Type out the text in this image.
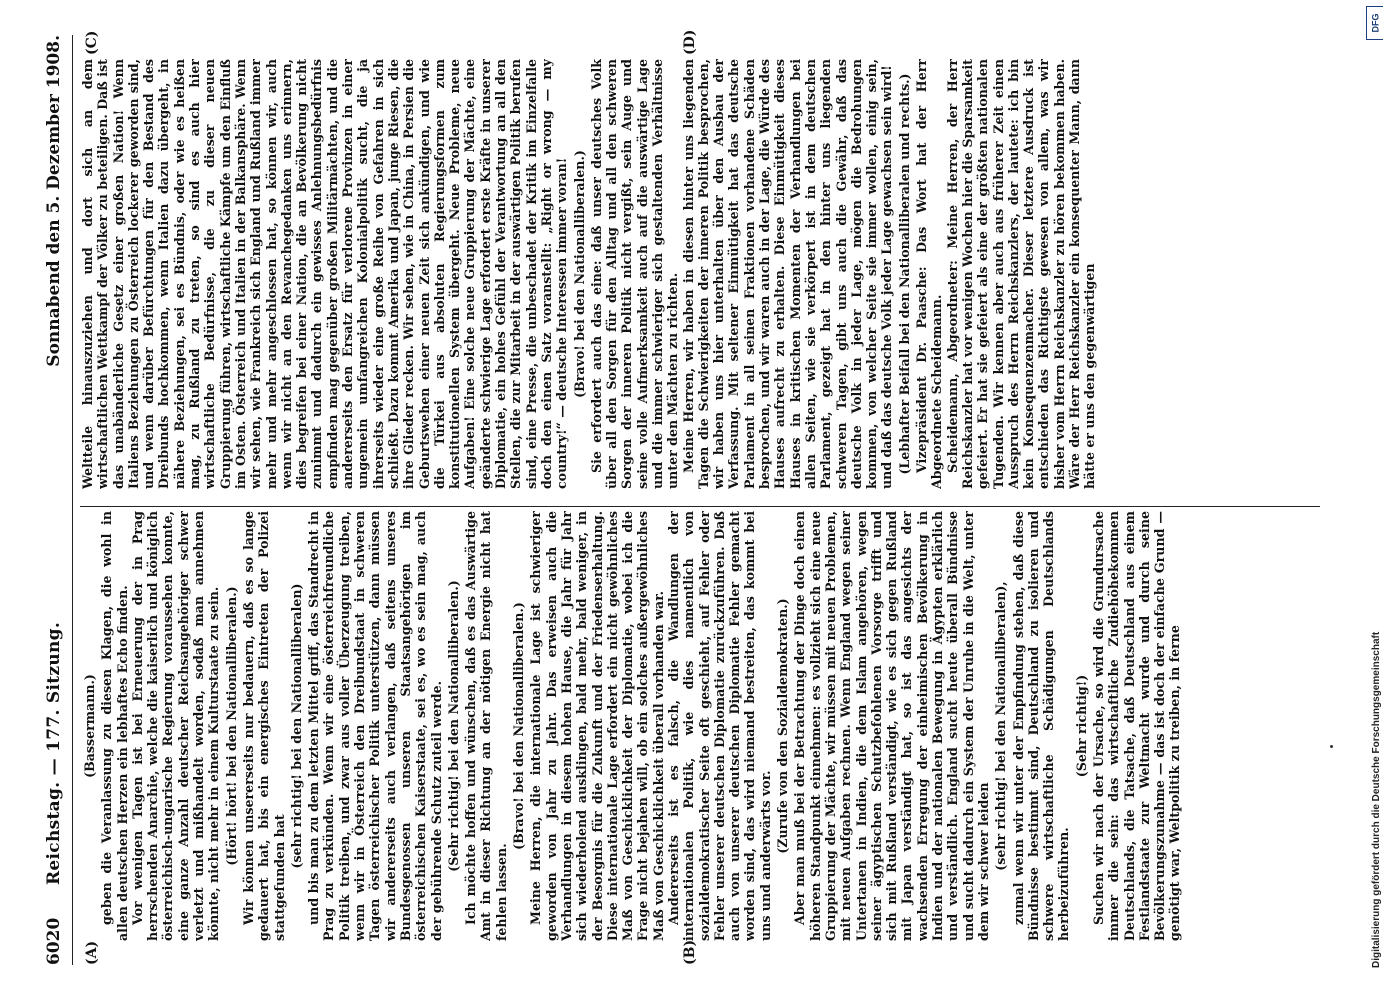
6020
Reichstag. — 177. Sitzung.
Sonnabend den 5. Dezember 1908.
(A)	(B)
(C)	(D)

(Bassermann.) geben die Veranlassung zu diesen Klagen, die wohl in allen deutschen Herzen ein lebhaftes Echo finden. Vor wenigen Tagen ist bei Erneuerung der in Prag herrschenden Anarchie, welche die kaiserlich und königlich österreichisch-ungarische Regierung voraussehen konnte, eine ganze Anzahl deutscher Reichsangehöriger schwer verletzt und mißhandelt worden, sodaß man annehmen könnte, nicht mehr in einem Kulturstaate zu sein. (Hört! hört! bei den Nationalliberalen.) Wir können unsererseits nur bedauern, daß es so lange gedauert hat, bis ein energisches Eintreten der Polizei stattgefunden hat

(sehr richtig! bei den Nationalliberalen) und bis man zu dem letzten Mittel griff, das Standrecht in Prag zu verkünden. Wenn wir eine österreichfreundliche Politik treiben, und zwar aus voller Überzeugung treiben, wenn wir in Österreich den Dreibundstaat in schweren Tagen österreichischer Politik unterstützen, dann müssen wir andererseits auch verlangen, daß seitens unseres Bundesgenossen unseren Staatsangehörigen im österreichischen Kaiserstaate, sei es, wo es sein mag, auch der gebührende Schutz zuteil werde. (Sehr richtig! bei den Nationalliberalen.) Ich möchte hoffen und wünschen, daß es das Auswärtige Amt in dieser Richtung an der nötigen Energie nicht hat fehlen lassen.

(Bravo! bei den Nationalliberalen.) Meine Herren, die internationale Lage ist schwieriger geworden von Jahr zu Jahr. Das erweisen auch die Verhandlungen in diesem hohen Hause, die Jahr für Jahr sich wiederholend ausklingen, bald mehr, bald weniger, in der Besorgnis für die Zukunft und der Friedenserhaltung. Diese internationale Lage erfordert ein nicht gewöhnliches Maß von Geschicklichkeit der Diplomatie, wobei ich die Frage nicht bejahen will, ob ein solches außergewöhnliches Maß von Geschicklichkeit überall vorhanden war. Andererseits ist es falsch, die Wandlungen der internationalen Politik, wie dies namentlich von sozialdemokratischer Seite oft geschieht, auf Fehler oder Fehler unserer deutschen Diplomatie zurückzuführen. Daß auch von unserer deutschen Diplomatie Fehler gemacht worden sind, das wird niemand bestreiten, das kommt bei uns und anderwärts vor.

(Zurufe von den Sozialdemokraten.) Aber man muß bei der Betrachtung der Dinge doch einen höheren Standpunkt einnehmen: es vollzieht sich eine neue Gruppierung der Mächte, wir müssen mit neuen Problemen, mit neuen Aufgaben rechnen. Wenn England wegen seiner Untertanen in Indien, die dem Islam angehören, wegen seiner ägyptischen Schutzbefohlenen Vorsorge trifft und sich mit Rußland verständigt, wie es sich gegen Rußland mit Japan verständigt hat, so ist das angesichts der wachsenden Erregung der einheimischen Bevölkerung in Indien und der nationalen Bewegung in Ägypten erklärlich und verständlich. England sucht heute überall Bündnisse und sucht dadurch ein System der Unruhe in die Welt, unter dem wir schwer leiden (sehr richtig! bei den Nationalliberalen), zumal wenn wir unter der Empfindung stehen, daß diese Bündnisse bestimmt sind, Deutschland zu isolieren und schwere wirtschaftliche Schädigungen Deutschlands herbeizuführen.

(Sehr richtig!) Suchen wir nach der Ursache, so wird die Grundursache immer die sein: das wirtschaftliche Zudiehöhekommen Deutschlands, die Tatsache, daß Deutschland aus einem Festlandstaate zur Weltmacht wurde und durch seine Bevölkerungszunahme — das ist doch der einfache Grund — genötigt war, Weltpolitik zu treiben, in ferne

Weltteile hinauszuziehen und dort sich an dem wirtschaftlichen Wettkampf der Völker zu beteiligen. Daß ist das unabänderliche Gesetz einer großen Nation! Wenn Italiens Beziehungen zu Österreich lockerer geworden sind, und wenn darüber Befürchtungen für den Bestand des Dreibunds hochkommen, wenn Italien dazu übergeht, in nähere Beziehungen, sei es Bündnis, oder wie es heißen mag, zu Rußland zu treten, so sind es auch hier wirtschaftliche Bedürfnisse, die zu dieser neuen Gruppierung führen, wirtschaftliche Kämpfe um den Einfluß im Osten. Österreich und Italien in der Balkansphäre. Wenn wir sehen, wie Frankreich sich England und Rußland immer mehr und mehr angeschlossen hat, so können wir, auch wenn wir nicht an den Revanchegedanken uns erinnern, dies begreifen bei einer Nation, die an Bevölkerung nicht zunimmt und dadurch ein gewisses Anlehnungsbedürfnis empfinden mag gegenüber großen Militärmächten, und die andererseits den Ersatz für verlorene Provinzen in einer ungemein umfangreichen Kolonialpolitik sucht, die ja ihrerseits wieder eine große Reihe von Gefahren in sich schließt. Dazu kommt Amerika und Japan, junge Riesen, die ihre Glieder recken. Wir sehen, wie in China, in Persien die Geburtswehen einer neuen Zeit sich ankündigen, und wie die Türkei aus absoluten Regierungsformen zum konstitutionellen System übergeht. Neue Probleme, neue Aufgaben! Eine solche neue Gruppierung der Mächte, eine geänderte schwierige Lage erfordert erste Kräfte in unserer Diplomatie, ein hohes Gefühl der Verantwortung an all den Stellen, die zur Mitarbeit in der auswärtigen Politik berufen sind, eine Presse, die unbeschadet der Kritik im Einzelfalle doch den einen Satz voranstellt: „Right or wrong — my country!“ — deutsche Interessen immer voran! (Bravo! bei den Nationalliberalen.) Sie erfordert auch das eine: daß unser deutsches Volk über all den Sorgen für den Alltag und all den schweren Sorgen der inneren Politik nicht vergißt, sein Auge und seine volle Aufmerksamkeit auch auf die auswärtige Lage und die immer schwieriger sich gestaltenden Verhältnisse unter den Mächten zu richten. Meine Herren, wir haben in diesen hinter uns liegenden Tagen die Schwierigkeiten der inneren Politik besprochen, wir haben uns hier unterhalten über den Ausbau der Verfassung. Mit seltener Einmütigkeit hat das deutsche Parlament in all seinen Fraktionen vorhandene Schäden besprochen, und wir waren auch in der Lage, die Würde des Hauses aufrecht zu erhalten. Diese Einmütigkeit dieses Hauses in kritischen Momenten der Verhandlungen bei allen Seiten, wie sie verkörpert ist in dem deutschen Parlament, gezeigt hat in den hinter uns liegenden schweren Tagen, gibt uns auch die Gewähr, daß das deutsche Volk in jeder Lage, mögen die Bedrohungen kommen, von welcher Seite sie immer wollen, einig sein, und daß das deutsche Volk jeder Lage gewachsen sein wird! (Lebhafter Beifall bei den Nationalliberalen und rechts.) Vizepräsident Dr. Paasche: Das Wort hat der Herr Abgeordnete Scheidemann. Scheidemann, Abgeordneter: Meine Herren, der Herr Reichskanzler hat vor wenigen Wochen hier die Sparsamkeit gefeiert. Er hat sie gefeiert als eine der größten nationalen Tugenden. Wir kennen aber auch aus früherer Zeit einen Ausspruch des Herrn Reichskanzlers, der lautete: ich bin kein Konsequenzenmacher. Dieser letztere Ausdruck ist entschieden das Richtigste gewesen von allem, was wir bisher vom Herrn Reichskanzler zu hören bekommen haben. Wäre der Herr Reichskanzler ein konsequenter Mann, dann hätte er uns den gegenwärtigen

DFG
Digitalisierung gefördert durch die Deutsche Forschungsgemeinschaft
